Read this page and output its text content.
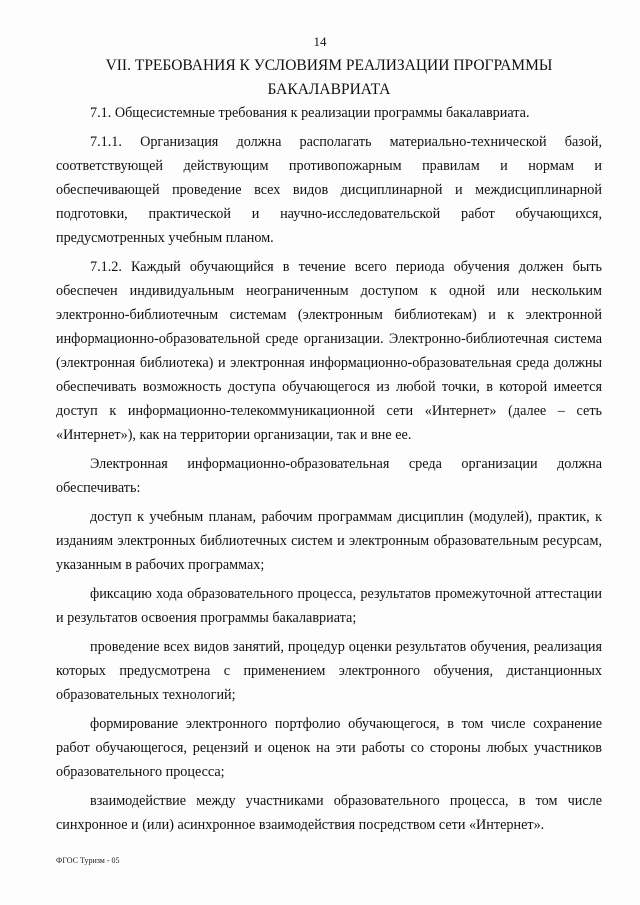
14
VII. ТРЕБОВАНИЯ К УСЛОВИЯМ РЕАЛИЗАЦИИ ПРОГРАММЫ
БАКАЛАВРИАТА

7.1. Общесистемные требования к реализации программы бакалавриата.

7.1.1. Организация должна располагать материально-технической базой, соответствующей действующим противопожарным правилам и нормам и обеспечивающей проведение всех видов дисциплинарной и междисциплинарной подготовки, практической и научно-исследовательской работ обучающихся, предусмотренных учебным планом.

7.1.2. Каждый обучающийся в течение всего периода обучения должен быть обеспечен индивидуальным неограниченным доступом к одной или нескольким электронно-библиотечным системам (электронным библиотекам) и к электронной информационно-образовательной среде организации. Электронно-библиотечная система (электронная библиотека) и электронная информационно-образовательная среда должны обеспечивать возможность доступа обучающегося из любой точки, в которой имеется доступ к информационно-телекоммуникационной сети «Интернет» (далее – сеть «Интернет»), как на территории организации, так и вне ее.

Электронная информационно-образовательная среда организации должна обеспечивать:

доступ к учебным планам, рабочим программам дисциплин (модулей), практик, к изданиям электронных библиотечных систем и электронным образовательным ресурсам, указанным в рабочих программах;

фиксацию хода образовательного процесса, результатов промежуточной аттестации и результатов освоения программы бакалавриата;

проведение всех видов занятий, процедур оценки результатов обучения, реализация которых предусмотрена с применением электронного обучения, дистанционных образовательных технологий;

формирование электронного портфолио обучающегося, в том числе сохранение работ обучающегося, рецензий и оценок на эти работы со стороны любых участников образовательного процесса;

взаимодействие между участниками образовательного процесса, в том числе синхронное и (или) асинхронное взаимодействия посредством сети «Интернет».

ФГОС Туризм - 05
